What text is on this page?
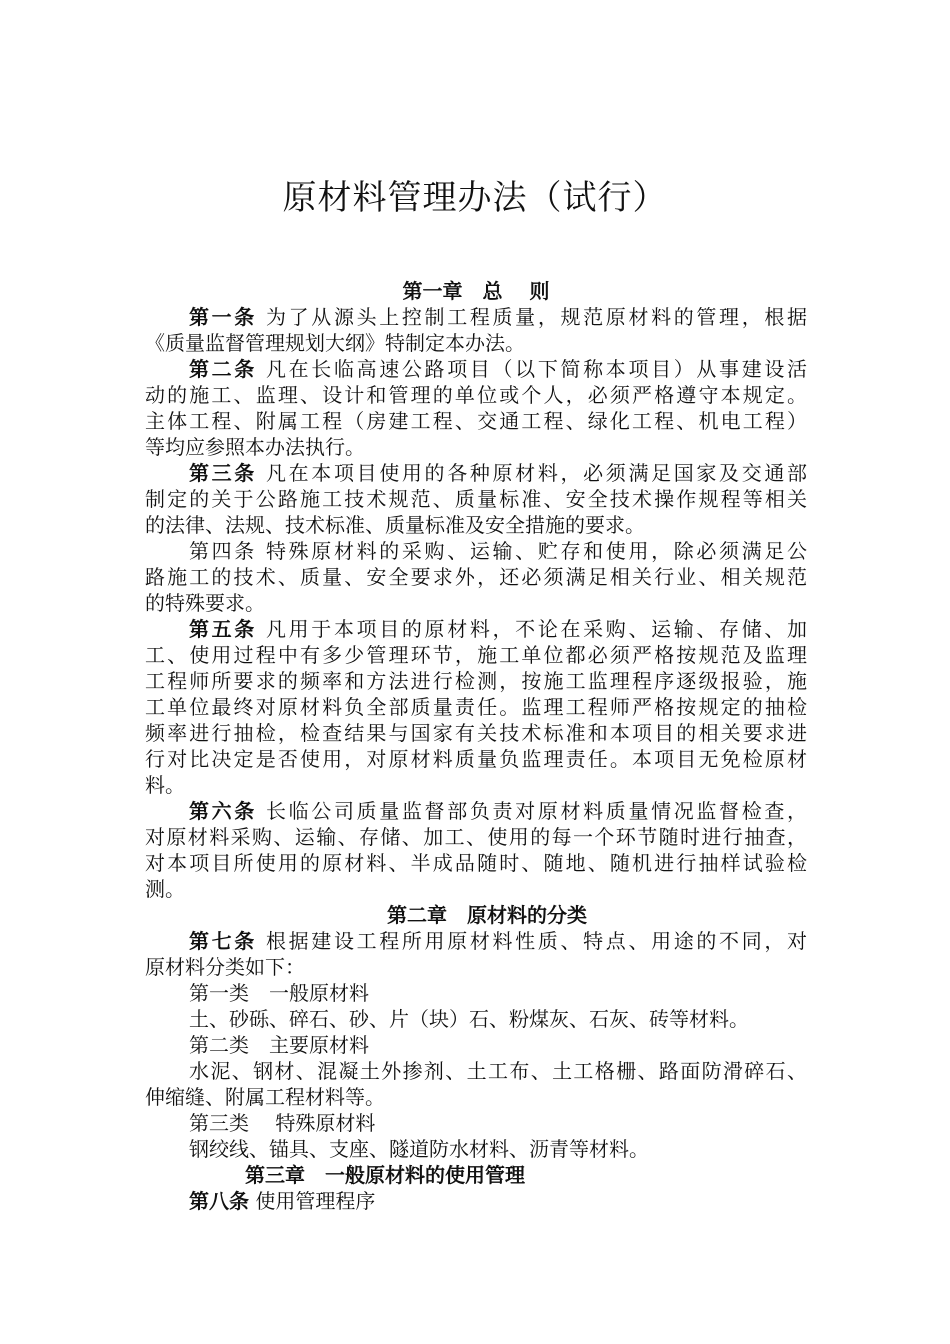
原材料管理办法（试行）
第一章　总　 则
第一条 为了从源头上控制工程质量，规范原材料的管理，根据
《质量监督管理规划大纲》特制定本办法。
第二条 凡在长临高速公路项目（以下简称本项目）从事建设活
动的施工、监理、设计和管理的单位或个人，必须严格遵守本规定。
主体工程、附属工程（房建工程、交通工程、绿化工程、机电工程）
等均应参照本办法执行。
第三条 凡在本项目使用的各种原材料，必须满足国家及交通部
制定的关于公路施工技术规范、质量标准、安全技术操作规程等相关
的法律、法规、技术标准、质量标准及安全措施的要求。
第四条 特殊原材料的采购、运输、贮存和使用，除必须满足公
路施工的技术、质量、安全要求外，还必须满足相关行业、相关规范
的特殊要求。
第五条 凡用于本项目的原材料，不论在采购、运输、存储、加
工、使用过程中有多少管理环节，施工单位都必须严格按规范及监理
工程师所要求的频率和方法进行检测，按施工监理程序逐级报验，施
工单位最终对原材料负全部质量责任。监理工程师严格按规定的抽检
频率进行抽检，检查结果与国家有关技术标准和本项目的相关要求进
行对比决定是否使用，对原材料质量负监理责任。本项目无免检原材
料。
第六条 长临公司质量监督部负责对原材料质量情况监督检查，
对原材料采购、运输、存储、加工、使用的每一个环节随时进行抽查，
对本项目所使用的原材料、半成品随时、随地、随机进行抽样试验检
测。
第二章　原材料的分类
第七条 根据建设工程所用原材料性质、特点、用途的不同，对
原材料分类如下：
第一类　一般原材料
土、砂砾、碎石、砂、片（块）石、粉煤灰、石灰、砖等材料。
第二类　主要原材料
水泥、钢材、混凝土外掺剂、土工布、土工格栅、路面防滑碎石、
伸缩缝、附属工程材料等。
第三类　 特殊原材料
钢绞线、锚具、支座、隧道防水材料、沥青等材料。
第三章　一般原材料的使用管理
第八条 使用管理程序
